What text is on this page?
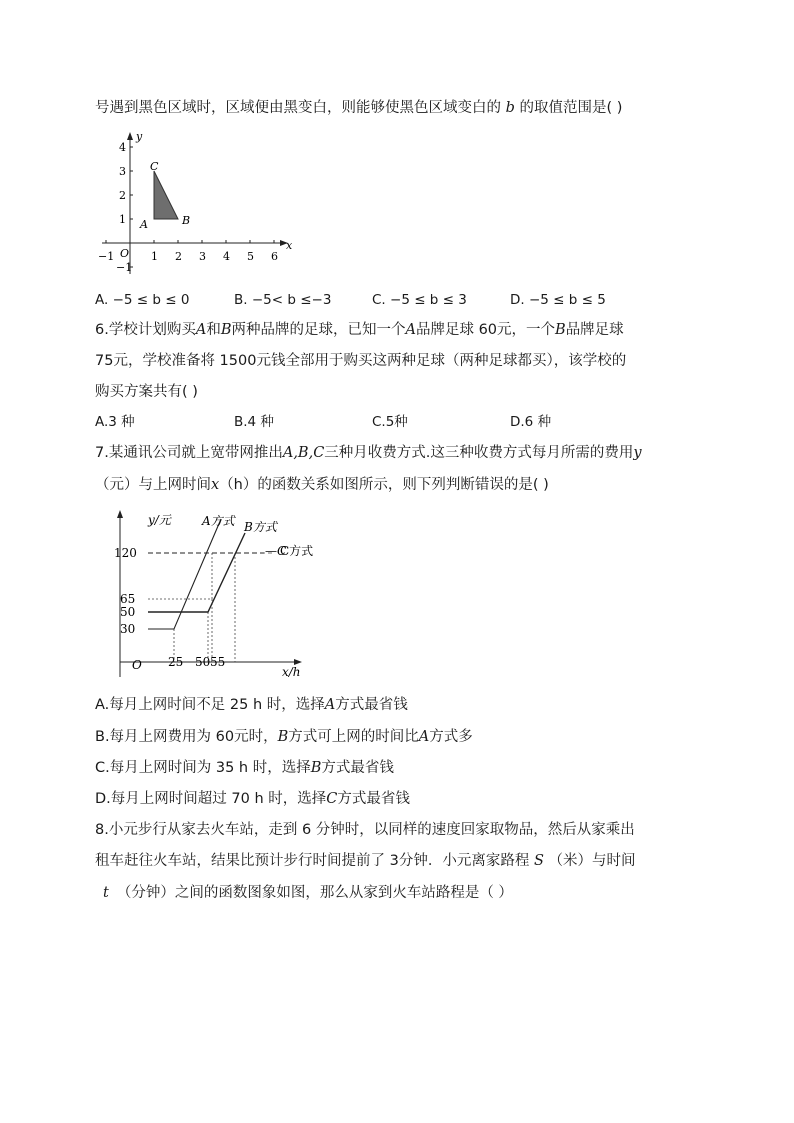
号遇到黑色区域时，区域便由黑变白，则能够使黑色区域变白的 b 的取值范围是( )
y
x
O
−1	1 2 3 4 5 6
4
3
2
1
−1
A	B
C
A. −5 ≤ b ≤ 0	B. −5< b ≤−3	C. −5 ≤ b ≤ 3	D. −5 ≤ b ≤ 5
6.学校计划购买A和B两种品牌的足球，已知一个A品牌足球 60元，一个B品牌足球
75元，学校准备将 1500元钱全部用于购买这两种足球（两种足球都买），该学校的
购买方案共有( )
A.3 种	B.4 种	C.5种	D.6 种
7.某通讯公司就上宽带网推出A,B,C三种月收费方式.这三种收费方式每月所需的费用y
（元）与上网时间x（h）的函数关系如图所示，则下列判断错误的是( )
y/元
x/h
O
120
65
50
30
25 50 55
—C
C方式
A方式 B方式
A.每月上网时间不足 25 h 时，选择A方式最省钱
B.每月上网费用为 60元时，B方式可上网的时间比A方式多
C.每月上网时间为 35 h 时，选择B方式最省钱
D.每月上网时间超过 70 h 时，选择C方式最省钱
8.小元步行从家去火车站，走到 6 分钟时，以同样的速度回家取物品，然后从家乘出
租车赶往火车站，结果比预计步行时间提前了 3分钟．小元离家路程 S （米）与时间
t （分钟）之间的函数图象如图，那么从家到火车站路程是（ ）
